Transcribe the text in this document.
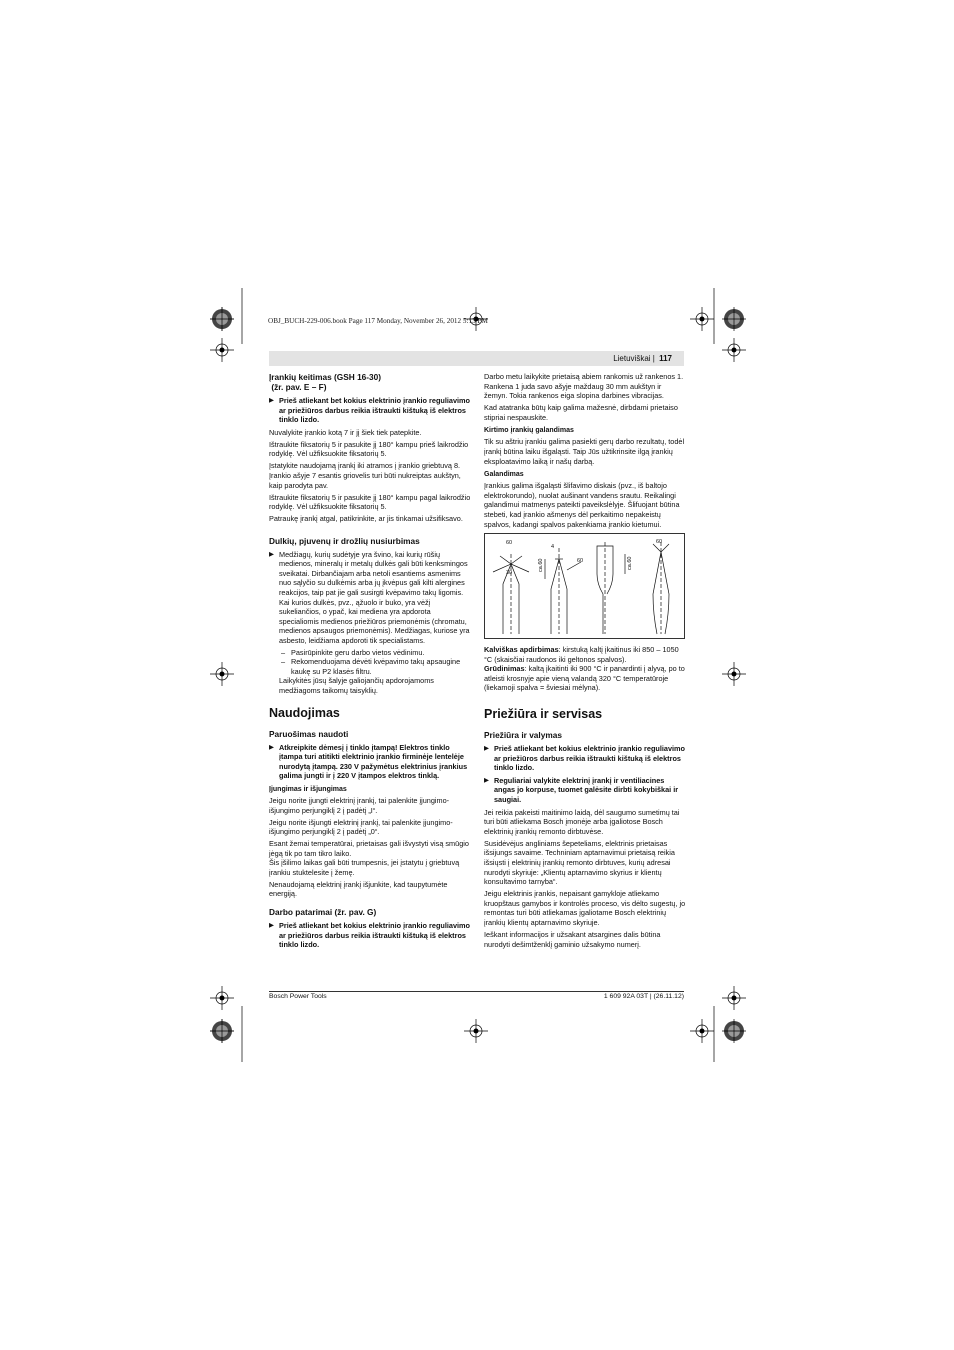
OBJ_BUCH-229-006.book Page 117 Monday, November 26, 2012 5:13 PM
Lietuviškai | 117
Įrankių keitimas (GSH 16-30)
(žr. pav. E – F)
▶ Prieš atliekant bet kokius elektrinio įrankio reguliavimo ar priežiūros darbus reikia ištraukti kištuką iš elektros tinklo lizdo.

Nuvalykite įrankio kotą 7 ir jį šiek tiek patepkite.

Ištraukite fiksatorių 5 ir pasukite jį 180° kampu prieš laikrodžio rodyklę. Vėl užfiksuokite fiksatorių 5.

Įstatykite naudojamą įrankį iki atramos į įrankio griebtuvą 8. Įrankio ašyje 7 esantis griovelis turi būti nukreiptas aukštyn, kaip parodyta pav.

Ištraukite fiksatorių 5 ir pasukite jį 180° kampu pagal laikrodžio rodyklę. Vėl užfiksuokite fiksatorių 5.

Patraukę įrankį atgal, patikrinkite, ar jis tinkamai užsifiksavo.

Dulkių, pjuvenų ir drožlių nusiurbimas
▶ Medžiagų, kurių sudėtyje yra švino, kai kurių rūšių medienos, mineralų ir metalų dulkės gali būti kenksmingos sveikatai. Dirbančiajam arba netoli esantiems asmenims nuo sąlyčio su dulkėmis arba jų įkvėpus gali kilti alergines reakcijos, taip pat jie gali susirgti kvėpavimo takų ligomis. Kai kurios dulkės, pvz., ąžuolo ir buko, yra vėžį sukeliančios, o ypač, kai mediena yra apdorota specialiomis medienos priežiūros priemonėmis (chromatu, medienos apsaugos priemonėmis). Medžiagas, kuriose yra asbesto, leidžiama apdoroti tik specialistams.
– Pasirūpinkite geru darbo vietos vėdinimu.
– Rekomenduojama dėvėti kvėpavimo takų apsaugine kaukę su P2 klasės filtru.

Laikykitės jūsų šalyje galiojančių apdorojamoms medžiagoms taikomų taisyklių.

Naudojimas
Paruošimas naudoti
▶ Atkreipkite dėmesį į tinklo įtampą! Elektros tinklo įtampa turi atitikti elektrinio įrankio firminėje lentelėje nurodytą įtampą. 230 V pažymėtus elektrinius įrankius galima jungti ir į 220 V įtampos elektros tinklą.
Įjungimas ir išjungimas

Jeigu norite įjungti elektrinį įrankį, tai palenkite įjungimo-išjungimo perjungiklį 2 į padėtį „I“.

Jeigu norite išjungti elektrinį įrankį, tai palenkite įjungimo-išjungimo perjungiklį 2 į padėtį „0“.

Esant žemai temperatūrai, prietaisas gali išvystyti visą smūgio jėgą tik po tam tikro laiko.

Šis įšilimo laikas gali būti trumpesnis, jei įstatytu į griebtuvą įrankiu stuktelesite į žemę.

Nenaudojamą elektrinį įrankį išjunkite, kad taupytumėte energiją.

Darbo patarimai (žr. pav. G)
▶ Prieš atliekant bet kokius elektrinio įrankio reguliavimo ar priežiūros darbus reikia ištraukti kištuką iš elektros tinklo lizdo.

Darbo metu laikykite prietaisą abiem rankomis už rankenos 1. Rankena 1 juda savo ašyje maždaug 30 mm aukštyn ir žemyn. Tokia rankenos eiga slopina darbines vibracijas.

Kad atatranka būtų kaip galima mažesnė, dirbdami prietaiso stipriai nespauskite.

Kirtimo įrankių galandimas

Tik su aštriu įrankiu galima pasiekti gerų darbo rezultatų, todėl įrankį būtina laiku išgaląsti. Taip Jūs užtikrinsite ilgą įrankių eksploatavimo laiką ir našų darbą.

Galandimas

Įrankius galima išgaląsti šlifavimo diskais (pvz., iš baltojo elektrokorundo), nuolat aušinant vandens srautu. Reikalingi galandimui matmenys pateikti paveikslėlyje. Šlifuojant būtina stebeti, kad įrankio ašmenys dėl perkaitimo nepakeistų spalvos, kadangi spalvos pakenkiama įrankio kietumui.

60
30
4
60
ca.60	ca.60
60

Kalviškas apdirbimas: kirstuką kaltį įkaitinus iki 850 – 1050 °C (skaisčiai raudonos iki geltonos spalvos).

Grūdinimas: kaltą įkaitinti iki 900 °C ir panardinti į alyvą, po to atleisti krosnyje apie vieną valandą 320 °C temperatūroje (liekamoji spalva = šviesiai mėlyna).

Priežiūra ir servisas
Priežiūra ir valymas
▶ Prieš atliekant bet kokius elektrinio įrankio reguliavimo ar priežiūros darbus reikia ištraukti kištuką iš elektros tinklo lizdo.
▶ Reguliariai valykite elektrinį įrankį ir ventiliacines angas jo korpuse, tuomet galėsite dirbti kokybiškai ir saugiai.

Jei reikia pakeisti maitinimo laidą, dėl saugumo sumetimų tai turi būti atliekama Bosch įmonėje arba įgaliotose Bosch elektrinių įrankių remonto dirbtuvėse.

Susidėvėjus angliniams šepeteliams, elektrinis prietaisas išsijungs savaime. Techniniam aptarnavimui prietaisą reikia išsiųsti į elektrinių įrankių remonto dirbtuves, kurių adresai nurodyti skyriuje: „Klientų aptarnavimo skyrius ir klientų konsultavimo tarnyba“.

Jeigu elektrinis įrankis, nepaisant gamykloje atliekamo kruopštaus gamybos ir kontrolės proceso, vis dėlto sugestų, jo remontas turi būti atliekamas įgaliotame Bosch elektrinių įrankių klientų aptarnavimo skyriuje.

Ieškant informacijos ir užsakant atsargines dalis būtina nurodyti dešimtženklį gaminio užsakymo numerį.

Bosch Power Tools	1 609 92A 03T | (26.11.12)
